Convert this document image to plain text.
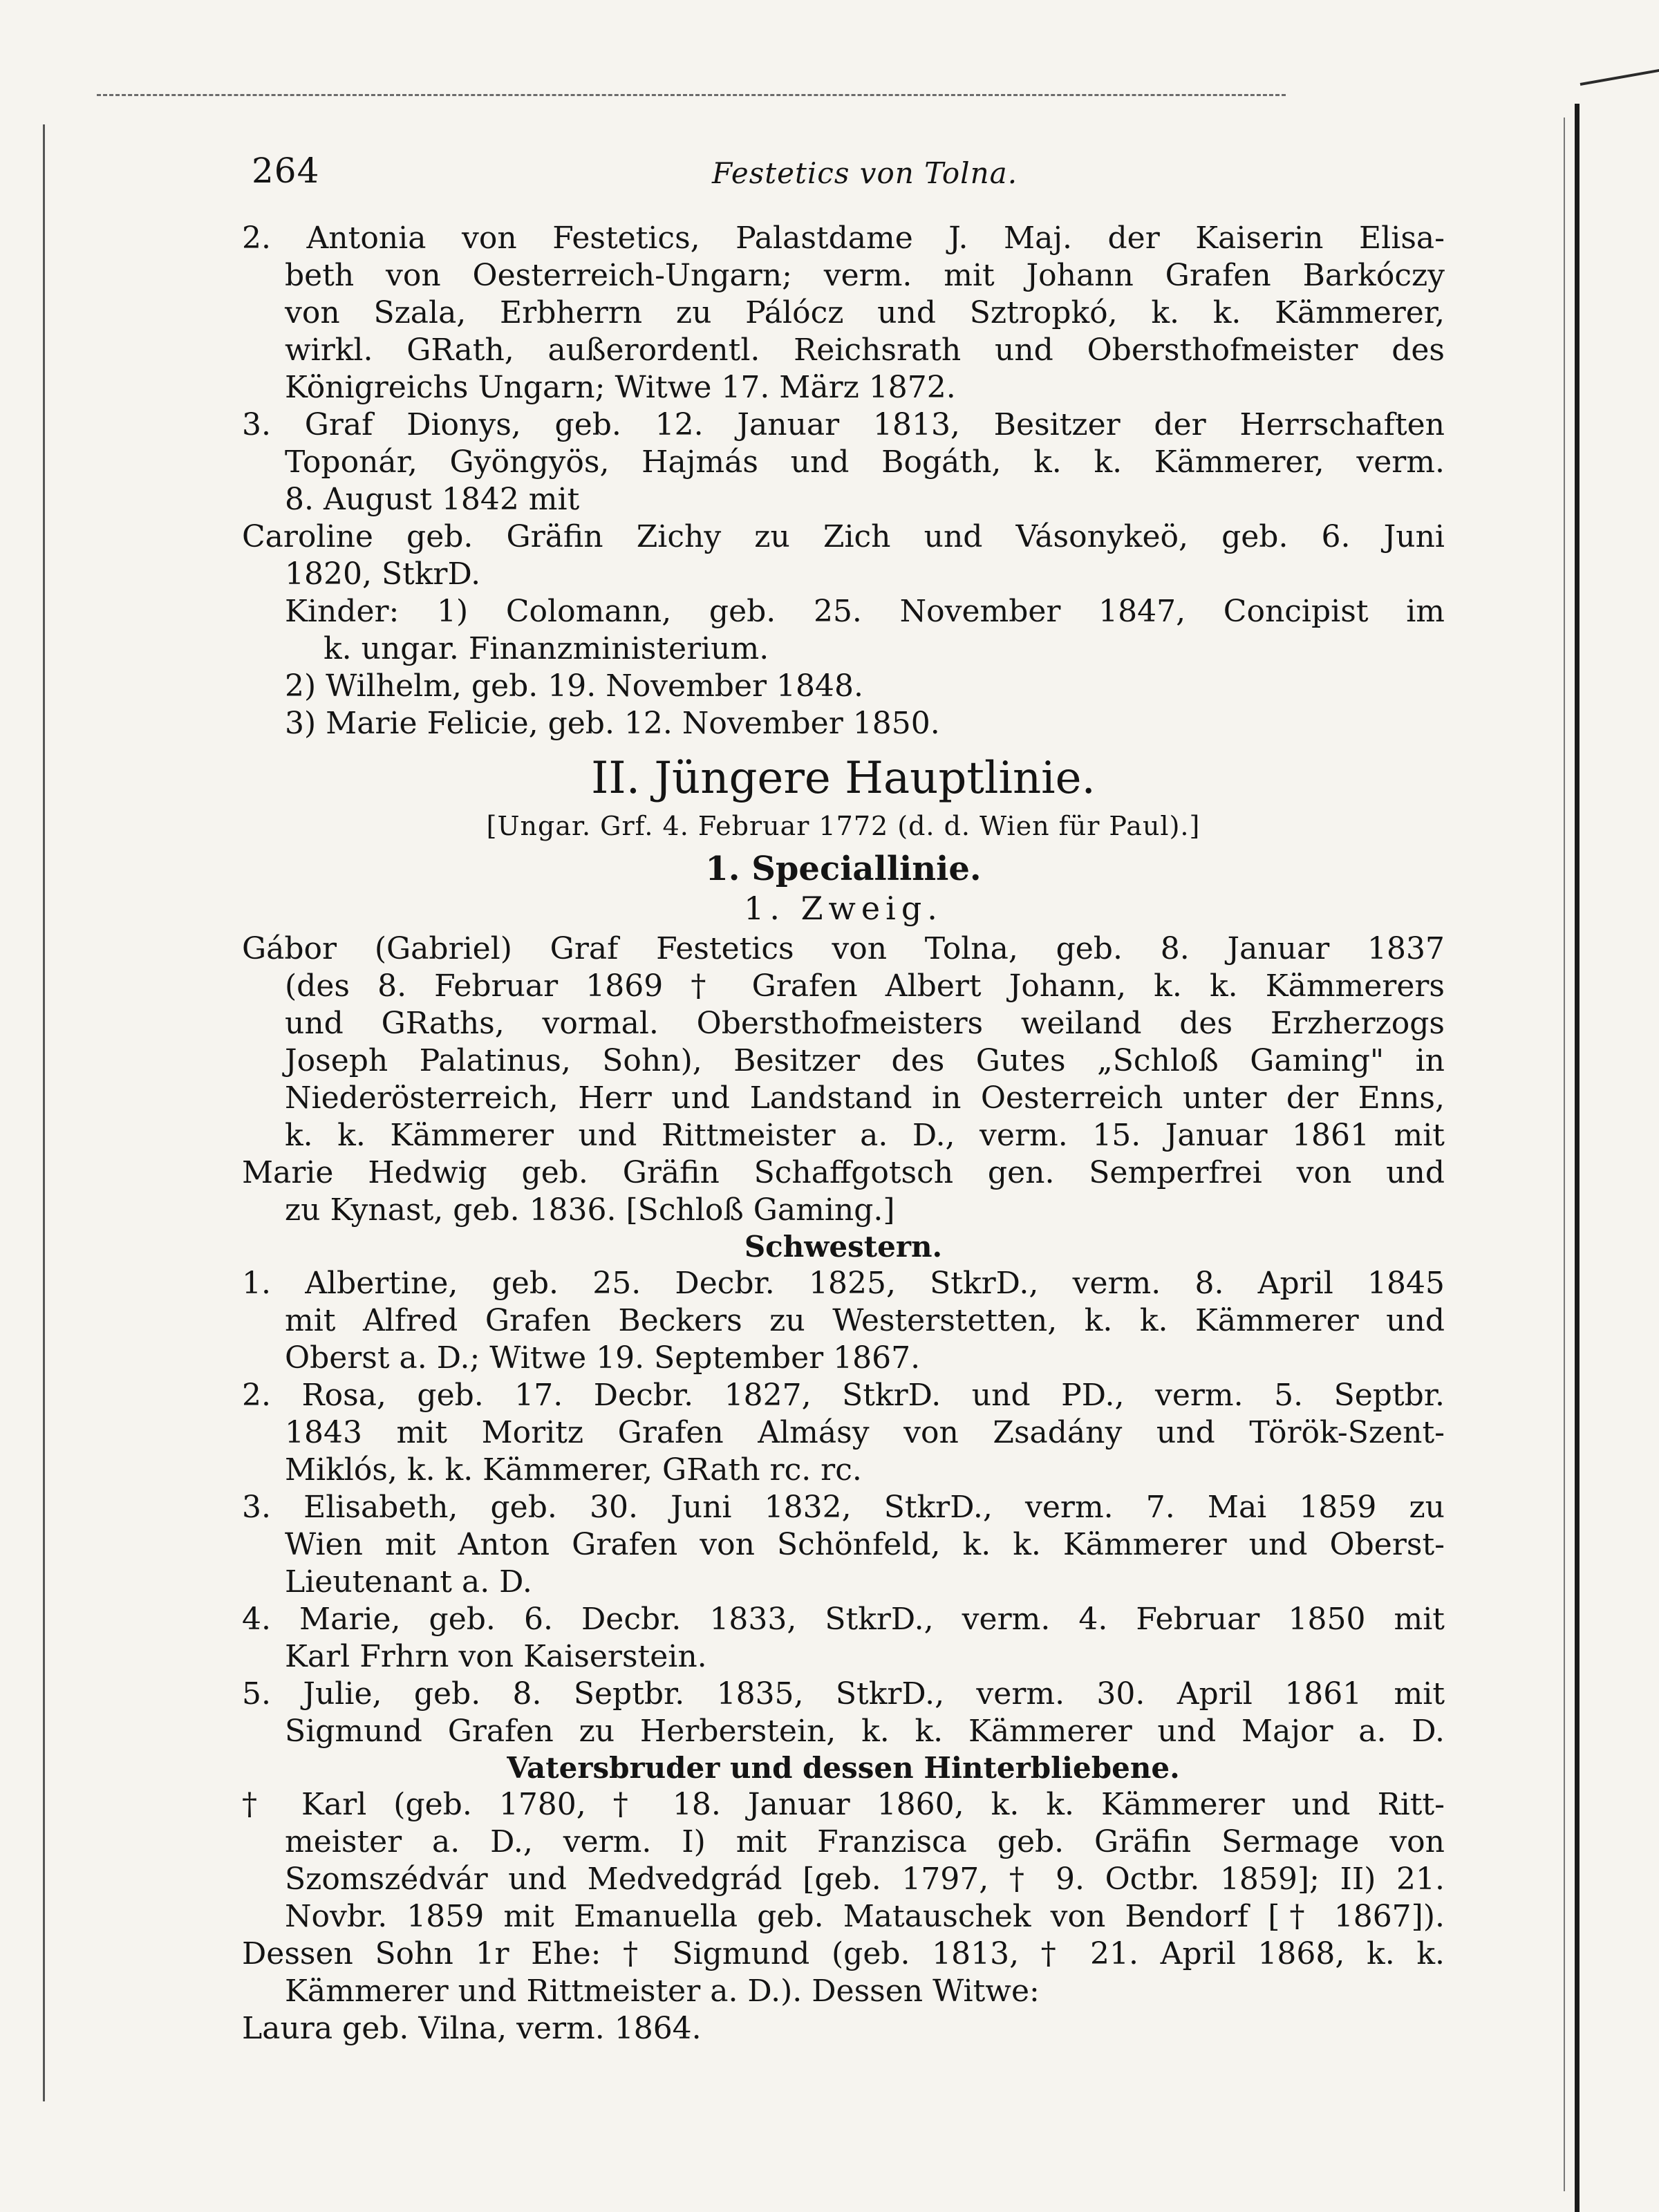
264	Festetics von Tolna.
2. Antonia von Festetics, Palastdame J. Maj. der Kaiserin Elisa-
beth von Oesterreich-Ungarn; verm. mit Johann Grafen Barkóczy
von Szala, Erbherrn zu Pálócz und Sztropkó, k. k. Kämmerer,
wirkl. GRath, außerordentl. Reichsrath und Obersthofmeister des
Königreichs Ungarn; Witwe 17. März 1872.
3. Graf Dionys, geb. 12. Januar 1813, Besitzer der Herrschaften
Toponár, Gyöngyös, Hajmás und Bogáth, k. k. Kämmerer, verm.
8. August 1842 mit
Caroline geb. Gräfin Zichy zu Zich und Vásonykeö, geb. 6. Juni
1820, StkrD.
Kinder: 1) Colomann, geb. 25. November 1847, Concipist im
k. ungar. Finanzministerium.
2) Wilhelm, geb. 19. November 1848.
3) Marie Felicie, geb. 12. November 1850.
II. Jüngere Hauptlinie.
[Ungar. Grf. 4. Februar 1772 (d. d. Wien für Paul).]
1. Speciallinie.
1. Zweig.
Gábor (Gabriel) Graf Festetics von Tolna, geb. 8. Januar 1837
(des 8. Februar 1869 † Grafen Albert Johann, k. k. Kämmerers
und GRaths, vormal. Obersthofmeisters weiland des Erzherzogs
Joseph Palatinus, Sohn), Besitzer des Gutes „Schloß Gaming" in
Niederösterreich, Herr und Landstand in Oesterreich unter der Enns,
k. k. Kämmerer und Rittmeister a. D., verm. 15. Januar 1861 mit
Marie Hedwig geb. Gräfin Schaffgotsch gen. Semperfrei von und
zu Kynast, geb. 1836. [Schloß Gaming.]
Schwestern.
1. Albertine, geb. 25. Decbr. 1825, StkrD., verm. 8. April 1845
mit Alfred Grafen Beckers zu Westerstetten, k. k. Kämmerer und
Oberst a. D.; Witwe 19. September 1867.
2. Rosa, geb. 17. Decbr. 1827, StkrD. und PD., verm. 5. Septbr.
1843 mit Moritz Grafen Almásy von Zsadány und Török-Szent-
Miklós, k. k. Kämmerer, GRath rc. rc.
3. Elisabeth, geb. 30. Juni 1832, StkrD., verm. 7. Mai 1859 zu
Wien mit Anton Grafen von Schönfeld, k. k. Kämmerer und Oberst-
Lieutenant a. D.
4. Marie, geb. 6. Decbr. 1833, StkrD., verm. 4. Februar 1850 mit
Karl Frhrn von Kaiserstein.
5. Julie, geb. 8. Septbr. 1835, StkrD., verm. 30. April 1861 mit
Sigmund Grafen zu Herberstein, k. k. Kämmerer und Major a. D.
Vatersbruder und dessen Hinterbliebene.
† Karl (geb. 1780, † 18. Januar 1860, k. k. Kämmerer und Ritt-
meister a. D., verm. I) mit Franzisca geb. Gräfin Sermage von
Szomszédvár und Medvedgrád [geb. 1797, † 9. Octbr. 1859]; II) 21.
Novbr. 1859 mit Emanuella geb. Matauschek von Bendorf [† 1867]).
Dessen Sohn 1r Ehe: † Sigmund (geb. 1813, † 21. April 1868, k. k.
Kämmerer und Rittmeister a. D.). Dessen Witwe:
Laura geb. Vilna, verm. 1864.
